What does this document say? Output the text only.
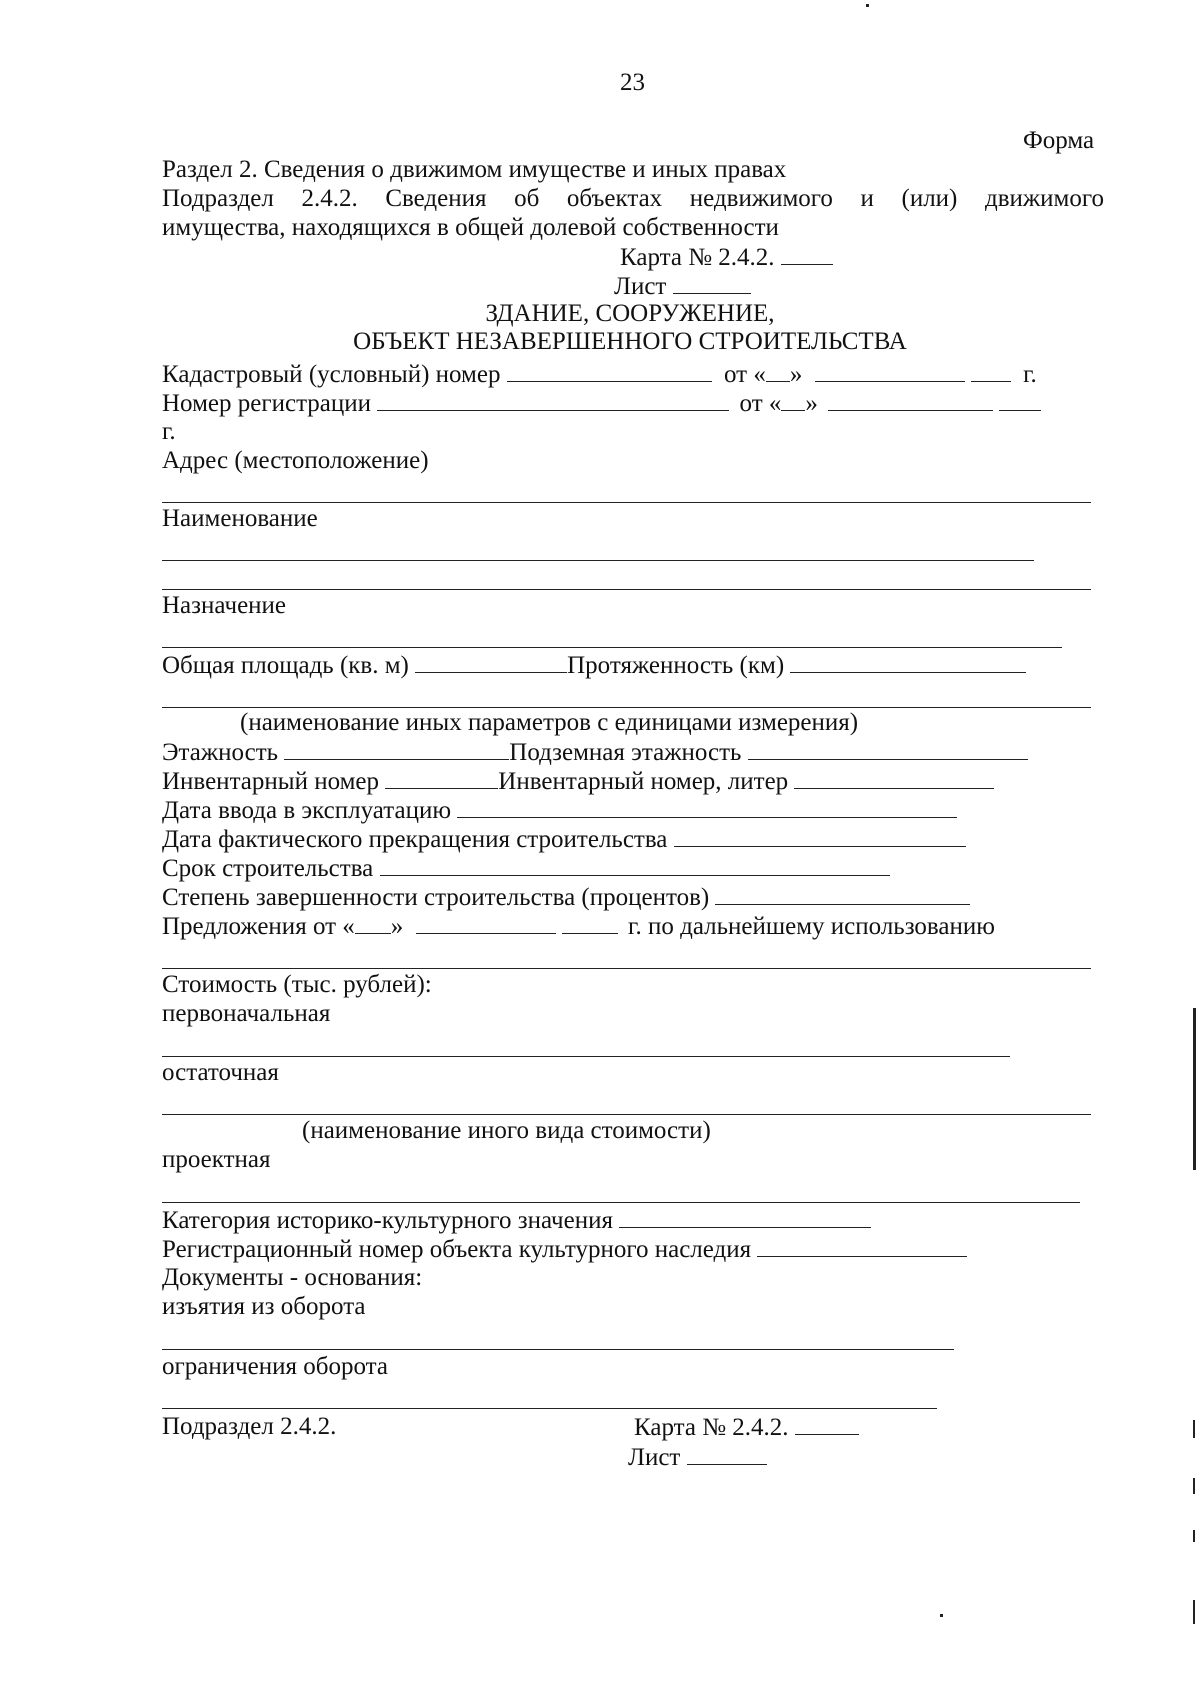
23
Форма
Раздел 2. Сведения о движимом имуществе и иных правах
Подраздел 2.4.2. Сведения об объектах недвижимого и (или) движимого
имущества, находящихся в общей долевой собственности
Карта № 2.4.2.
Лист
ЗДАНИЕ, СООРУЖЕНИЕ,
ОБЪЕКТ НЕЗАВЕРШЕННОГО СТРОИТЕЛЬСТВА
Кадастровый (условный) номер	от « »	г.
Номер регистрации	от « »
г.
Адрес (местоположение)
Наименование
Назначение
Общая площадь (кв. м)	Протяженность (км)
(наименование иных параметров с единицами измерения)
Этажность	Подземная этажность
Инвентарный номер	Инвентарный номер, литер
Дата ввода в эксплуатацию
Дата фактического прекращения строительства
Срок строительства
Степень завершенности строительства (процентов)
Предложения от « »	г. по дальнейшему использованию
Стоимость (тыс. рублей):
первоначальная
остаточная
(наименование иного вида стоимости)
проектная
Категория историко-культурного значения
Регистрационный номер объекта культурного наследия
Документы - основания:
изъятия из оборота
ограничения оборота
Подраздел 2.4.2.	Карта № 2.4.2.
Лист
